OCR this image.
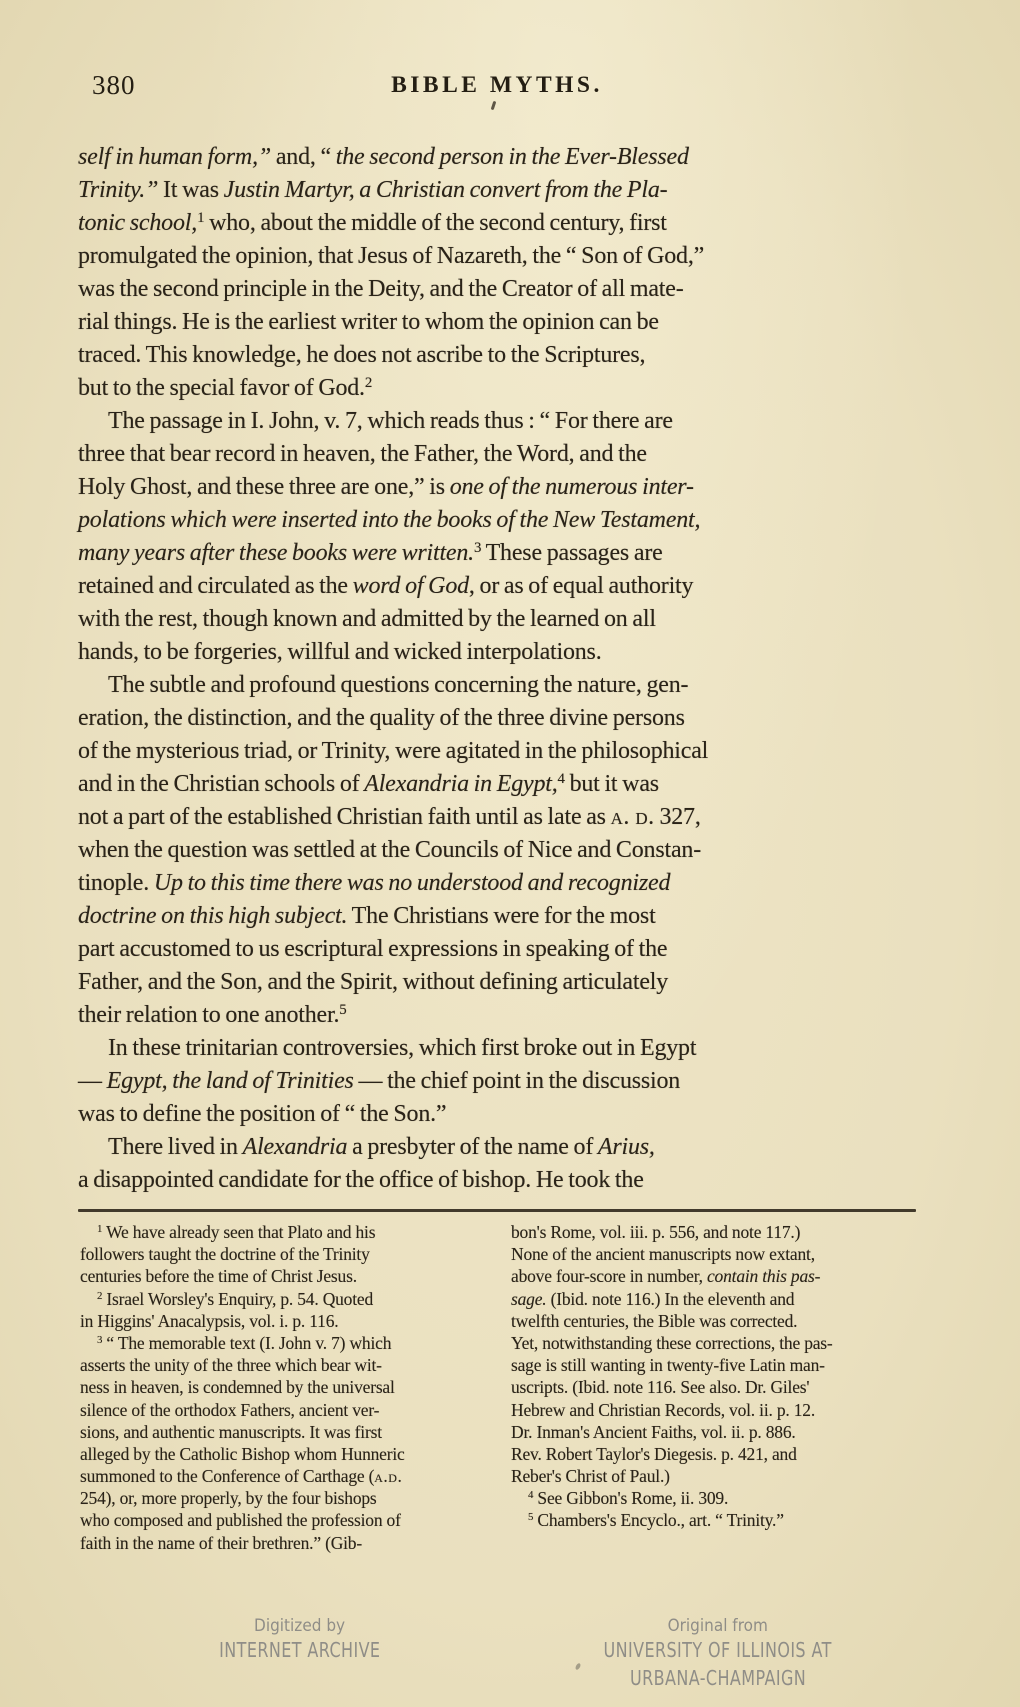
380	BIBLE MYTHS.
self in human form,” and, “ the second person in the Ever-Blessed
Trinity.” It was Justin Martyr, a Christian convert from the Pla-
tonic school,$^1$ who, about the middle of the second century, first
promulgated the opinion, that Jesus of Nazareth, the “ Son of God,”
was the second principle in the Deity, and the Creator of all mate-
rial things. He is the earliest writer to whom the opinion can be
traced. This knowledge, he does not ascribe to the Scriptures,
but to the special favor of God.$^2$
The passage in I. John, v. 7, which reads thus : “ For there are
three that bear record in heaven, the Father, the Word, and the
Holy Ghost, and these three are one,” is one of the numerous inter-
polations which were inserted into the books of the New Testament,
many years after these books were written.$^3$ These passages are
retained and circulated as the word of God, or as of equal authority
with the rest, though known and admitted by the learned on all
hands, to be forgeries, willful and wicked interpolations.
The subtle and profound questions concerning the nature, gen-
eration, the distinction, and the quality of the three divine persons
of the mysterious triad, or Trinity, were agitated in the philosophical
and in the Christian schools of Alexandria in Egypt,$^4$ but it was
not a part of the established Christian faith until as late as a. d. 327,
when the question was settled at the Councils of Nice and Constan-
tinople. Up to this time there was no understood and recognized
doctrine on this high subject. The Christians were for the most
part accustomed to us escriptural expressions in speaking of the
Father, and the Son, and the Spirit, without defining articulately
their relation to one another.$^5$
In these trinitarian controversies, which first broke out in Egypt
— Egypt, the land of Trinities — the chief point in the discussion
was to define the position of “ the Son.”
There lived in Alexandria a presbyter of the name of Arius,
a disappointed candidate for the office of bishop. He took the
$^1$ We have already seen that Plato and his
followers taught the doctrine of the Trinity
centuries before the time of Christ Jesus.
$^2$ Israel Worsley's Enquiry, p. 54. Quoted
in Higgins' Anacalypsis, vol. i. p. 116.
$^3$ “ The memorable text (I. John v. 7) which
asserts the unity of the three which bear wit-
ness in heaven, is condemned by the universal
silence of the orthodox Fathers, ancient ver-
sions, and authentic manuscripts. It was first
alleged by the Catholic Bishop whom Hunneric
summoned to the Conference of Carthage (a.d.
254), or, more properly, by the four bishops
who composed and published the profession of
faith in the name of their brethren.” (Gib-
bon's Rome, vol. iii. p. 556, and note 117.)
None of the ancient manuscripts now extant,
above four-score in number, contain this pas-
sage. (Ibid. note 116.) In the eleventh and
twelfth centuries, the Bible was corrected.
Yet, notwithstanding these corrections, the pas-
sage is still wanting in twenty-five Latin man-
uscripts. (Ibid. note 116. See also. Dr. Giles'
Hebrew and Christian Records, vol. ii. p. 12.
Dr. Inman's Ancient Faiths, vol. ii. p. 886.
Rev. Robert Taylor's Diegesis. p. 421, and
Reber's Christ of Paul.)
$^4$ See Gibbon's Rome, ii. 309.
$^5$ Chambers's Encyclo., art. “ Trinity.”
Digitized by
INTERNET ARCHIVE
Original from
UNIVERSITY OF ILLINOIS AT
URBANA-CHAMPAIGN
